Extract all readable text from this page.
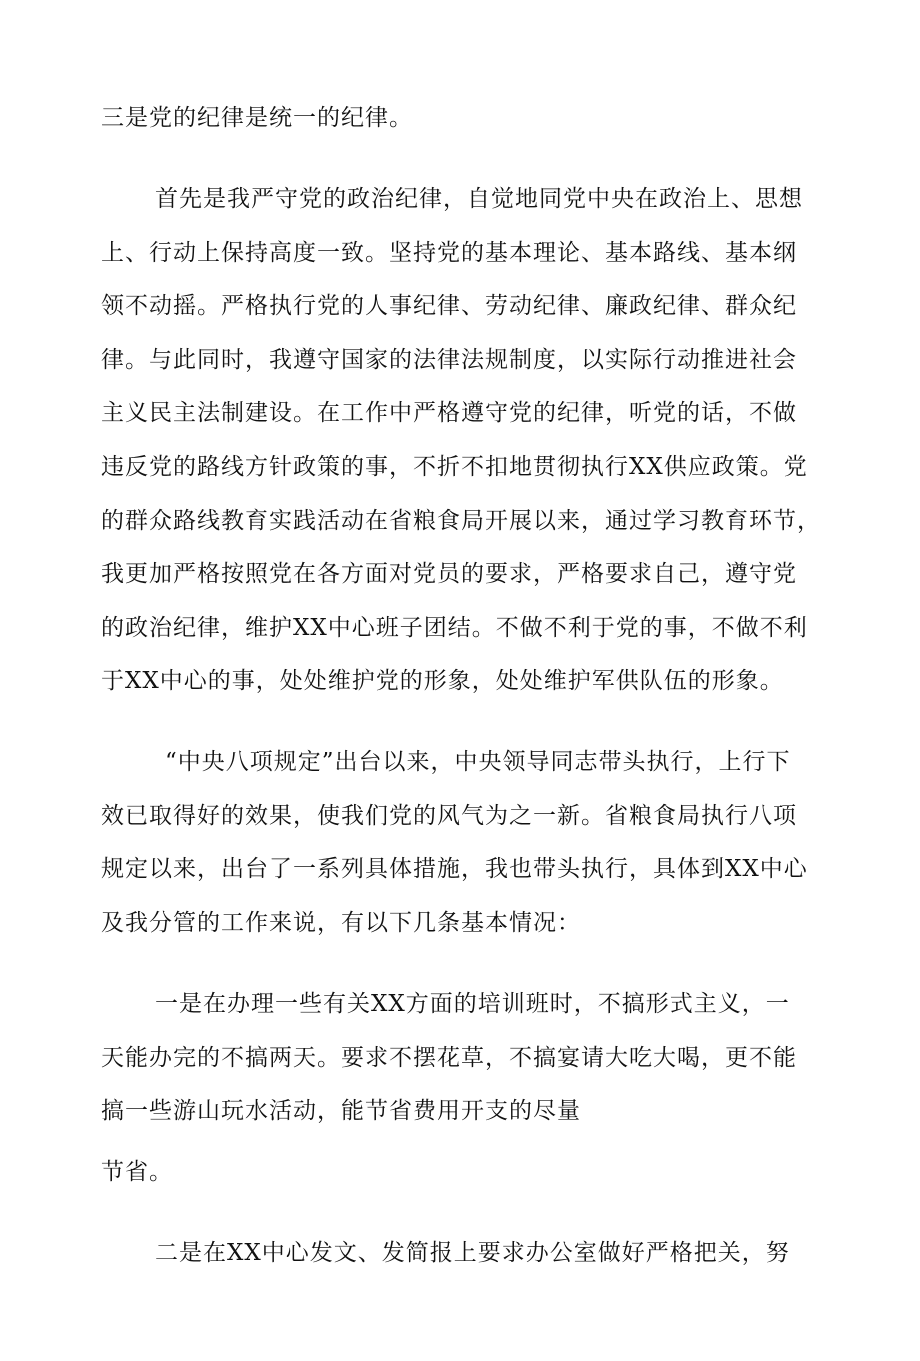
三是党的纪律是统一的纪律。
首先是我严守党的政治纪律，自觉地同党中央在政治上、思想
上、行动上保持高度一致。坚持党的基本理论、基本路线、基本纲
领不动摇。严格执行党的人事纪律、劳动纪律、廉政纪律、群众纪
律。与此同时，我遵守国家的法律法规制度，以实际行动推进社会
主义民主法制建设。在工作中严格遵守党的纪律，听党的话，不做
违反党的路线方针政策的事，不折不扣地贯彻执行XX供应政策。党
的群众路线教育实践活动在省粮食局开展以来，通过学习教育环节，
我更加严格按照党在各方面对党员的要求，严格要求自己，遵守党
的政治纪律，维护XX中心班子团结。不做不利于党的事，不做不利
于XX中心的事，处处维护党的形象，处处维护军供队伍的形象。
“中央八项规定”出台以来，中央领导同志带头执行，上行下
效已取得好的效果，使我们党的风气为之一新。省粮食局执行八项
规定以来，出台了一系列具体措施，我也带头执行，具体到XX中心
及我分管的工作来说，有以下几条基本情况：
一是在办理一些有关XX方面的培训班时，不搞形式主义，一
天能办完的不搞两天。要求不摆花草，不搞宴请大吃大喝，更不能
搞一些游山玩水活动，能节省费用开支的尽量
节省。
二是在XX中心发文、发简报上要求办公室做好严格把关，努
